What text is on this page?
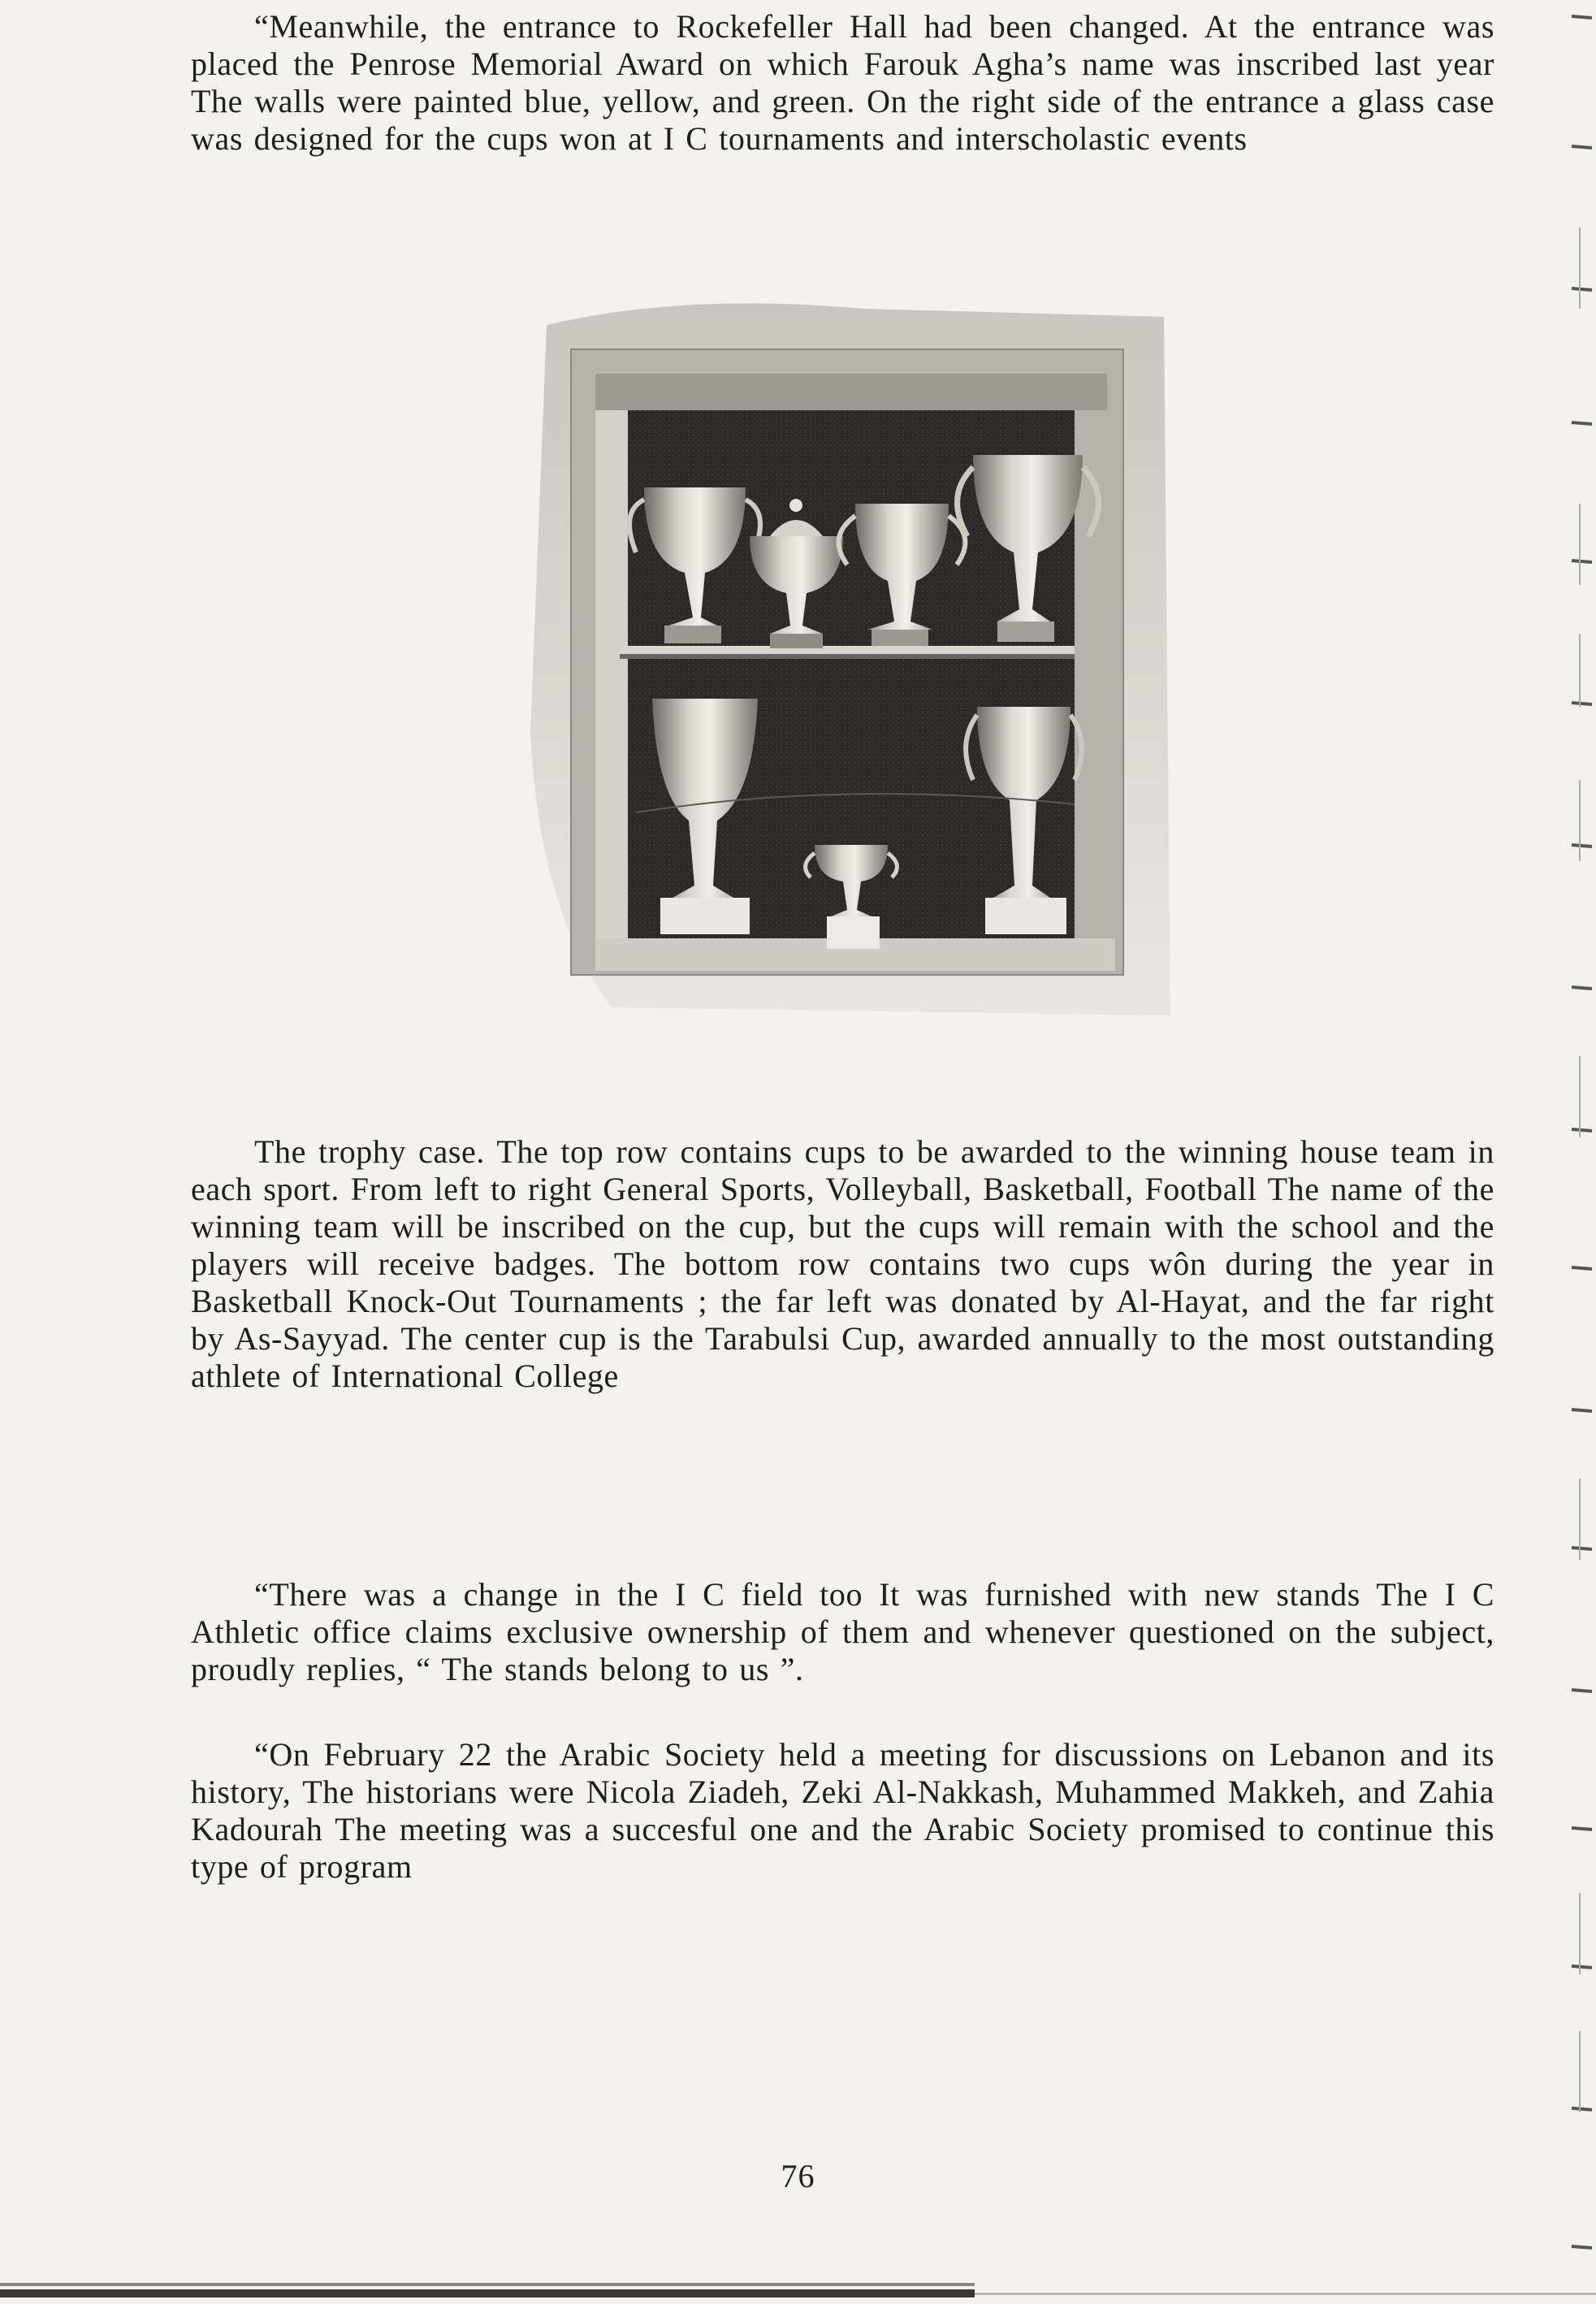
“Meanwhile, the entrance to Rockefeller Hall had been changed. At the entrance was placed the Penrose Memorial Award on which Farouk Agha’s name was inscribed last year The walls were painted blue, yellow, and green. On the right side of the entrance a glass case was designed for the cups won at I C tournaments and interscholastic events

The trophy case. The top row contains cups to be awarded to the winning house team in each sport. From left to right General Sports, Volleyball, Basketball, Football The name of the winning team will be inscribed on the cup, but the cups will remain with the school and the players will receive badges. The bottom row contains two cups wôn during the year in Basketball Knock-Out Tournaments ; the far left was donated by Al-Hayat, and the far right by As-Sayyad. The center cup is the Tarabulsi Cup, awarded annually to the most outstanding athlete of International College

“There was a change in the I C field too It was furnished with new stands The I C Athletic office claims exclusive ownership of them and whenever questioned on the subject, proudly replies, “ The stands belong to us ”.

“On February 22 the Arabic Society held a meeting for discussions on Lebanon and its history, The historians were Nicola Ziadeh, Zeki Al-Nakkash, Muhammed Makkeh, and Zahia Kadourah The meeting was a succesful one and the Arabic Society promised to continue this type of program

76
